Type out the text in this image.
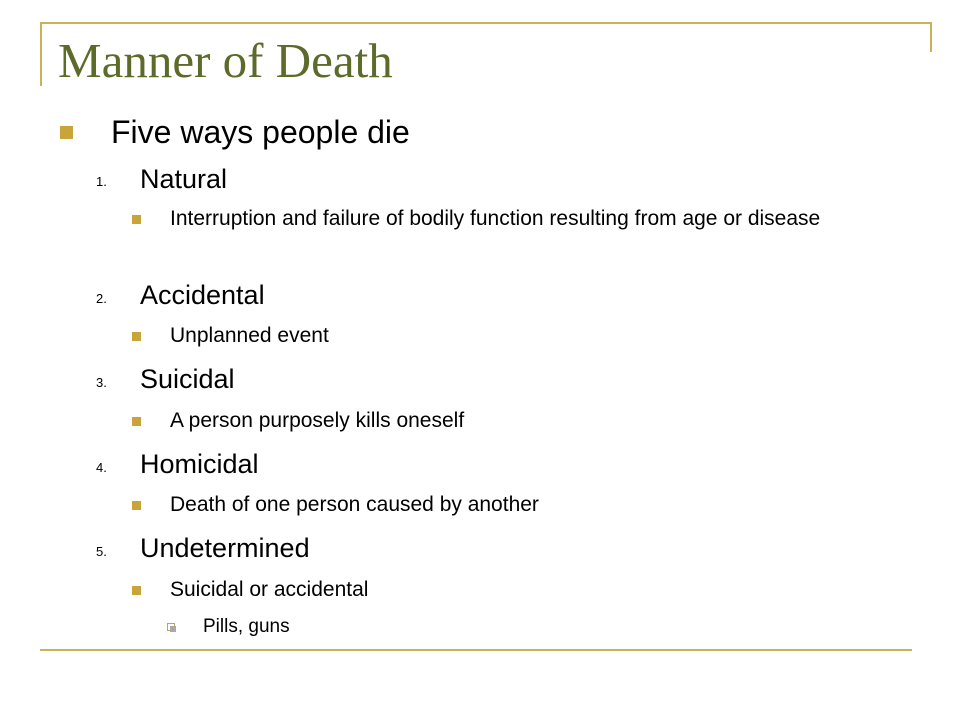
Manner of Death
Five ways people die
1.	Natural
Interruption and failure of bodily function resulting from age or disease
2.	Accidental
Unplanned event
3.	Suicidal
A person purposely kills oneself
4.	Homicidal
Death of one person caused by another
5.	Undetermined
Suicidal or accidental
Pills, guns
